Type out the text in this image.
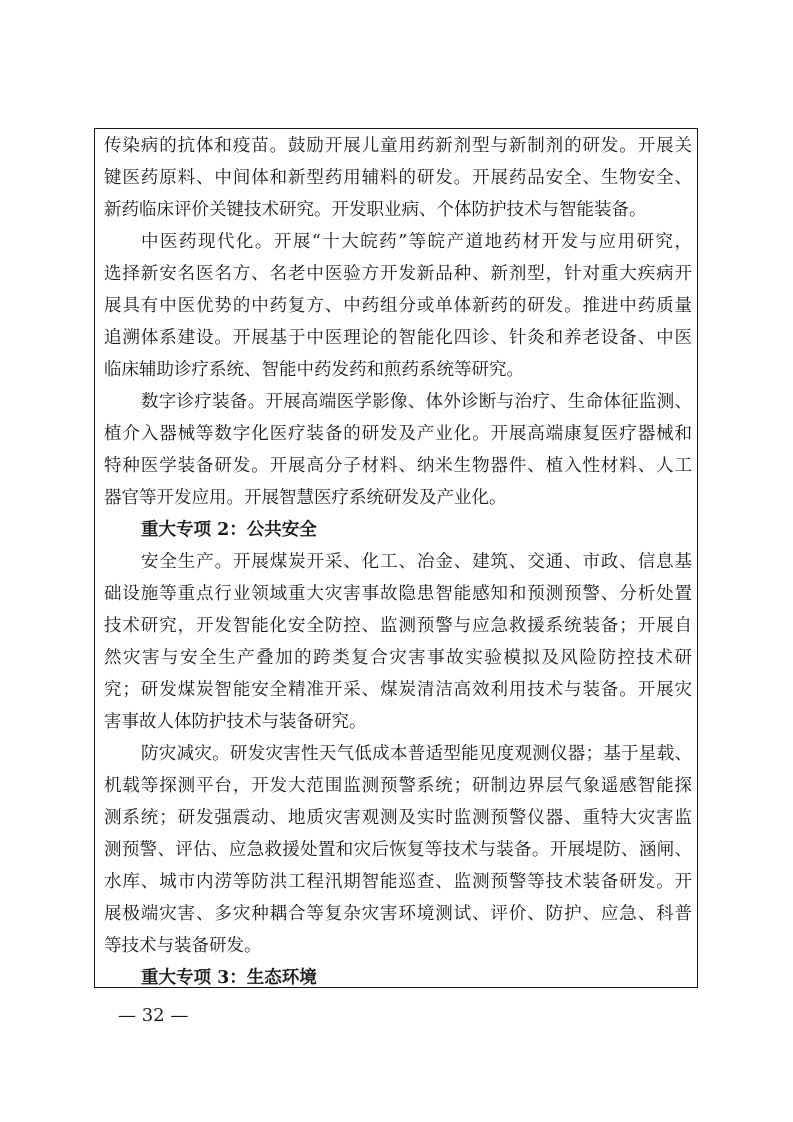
传染病的抗体和疫苗。鼓励开展儿童用药新剂型与新制剂的研发。开展关
键医药原料、中间体和新型药用辅料的研发。开展药品安全、生物安全、
新药临床评价关键技术研究。开发职业病、个体防护技术与智能装备。
中医药现代化。开展“十大皖药”等皖产道地药材开发与应用研究，
选择新安名医名方、名老中医验方开发新品种、新剂型，针对重大疾病开
展具有中医优势的中药复方、中药组分或单体新药的研发。推进中药质量
追溯体系建设。开展基于中医理论的智能化四诊、针灸和养老设备、中医
临床辅助诊疗系统、智能中药发药和煎药系统等研究。
数字诊疗装备。开展高端医学影像、体外诊断与治疗、生命体征监测、
植介入器械等数字化医疗装备的研发及产业化。开展高端康复医疗器械和
特种医学装备研发。开展高分子材料、纳米生物器件、植入性材料、人工
器官等开发应用。开展智慧医疗系统研发及产业化。
重大专项 2：公共安全
安全生产。开展煤炭开采、化工、冶金、建筑、交通、市政、信息基
础设施等重点行业领域重大灾害事故隐患智能感知和预测预警、分析处置
技术研究，开发智能化安全防控、监测预警与应急救援系统装备；开展自
然灾害与安全生产叠加的跨类复合灾害事故实验模拟及风险防控技术研
究；研发煤炭智能安全精准开采、煤炭清洁高效利用技术与装备。开展灾
害事故人体防护技术与装备研究。
防灾减灾。研发灾害性天气低成本普适型能见度观测仪器；基于星载、
机载等探测平台，开发大范围监测预警系统；研制边界层气象遥感智能探
测系统；研发强震动、地质灾害观测及实时监测预警仪器、重特大灾害监
测预警、评估、应急救援处置和灾后恢复等技术与装备。开展堤防、涵闸、
水库、城市内涝等防洪工程汛期智能巡查、监测预警等技术装备研发。开
展极端灾害、多灾种耦合等复杂灾害环境测试、评价、防护、应急、科普
等技术与装备研发。
重大专项 3：生态环境
— 32 —
